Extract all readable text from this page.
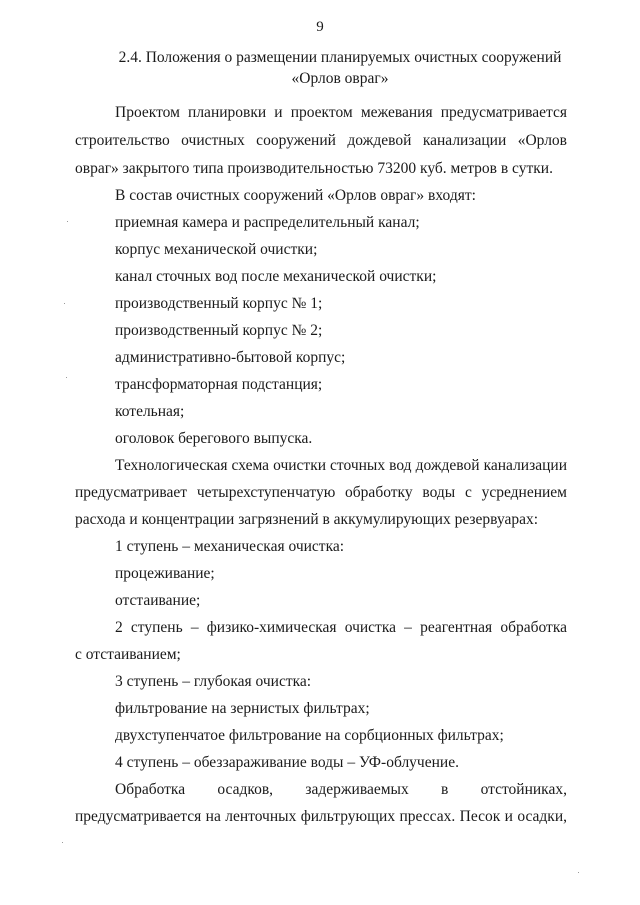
9
2.4. Положения о размещении планируемых очистных сооружений
«Орлов овраг»
Проектом планировки и проектом межевания предусматривается
строительство очистных сооружений дождевой канализации «Орлов
овраг» закрытого типа производительностью 73200 куб. метров в сутки.
В состав очистных сооружений «Орлов овраг» входят:
приемная камера и распределительный канал;
корпус механической очистки;
канал сточных вод после механической очистки;
производственный корпус № 1;
производственный корпус № 2;
административно-бытовой корпус;
трансформаторная подстанция;
котельная;
оголовок берегового выпуска.
Технологическая схема очистки сточных вод дождевой канализации
предусматривает четырехступенчатую обработку воды с усреднением
расхода и концентрации загрязнений в аккумулирующих резервуарах:
1 ступень – механическая очистка:
процеживание;
отстаивание;
2 ступень – физико-химическая очистка – реагентная обработка
с отстаиванием;
3 ступень – глубокая очистка:
фильтрование на зернистых фильтрах;
двухступенчатое фильтрование на сорбционных фильтрах;
4 ступень – обеззараживание воды – УФ-облучение.
Обработка осадков, задерживаемых в отстойниках,
предусматривается на ленточных фильтрующих прессах. Песок и осадки,
